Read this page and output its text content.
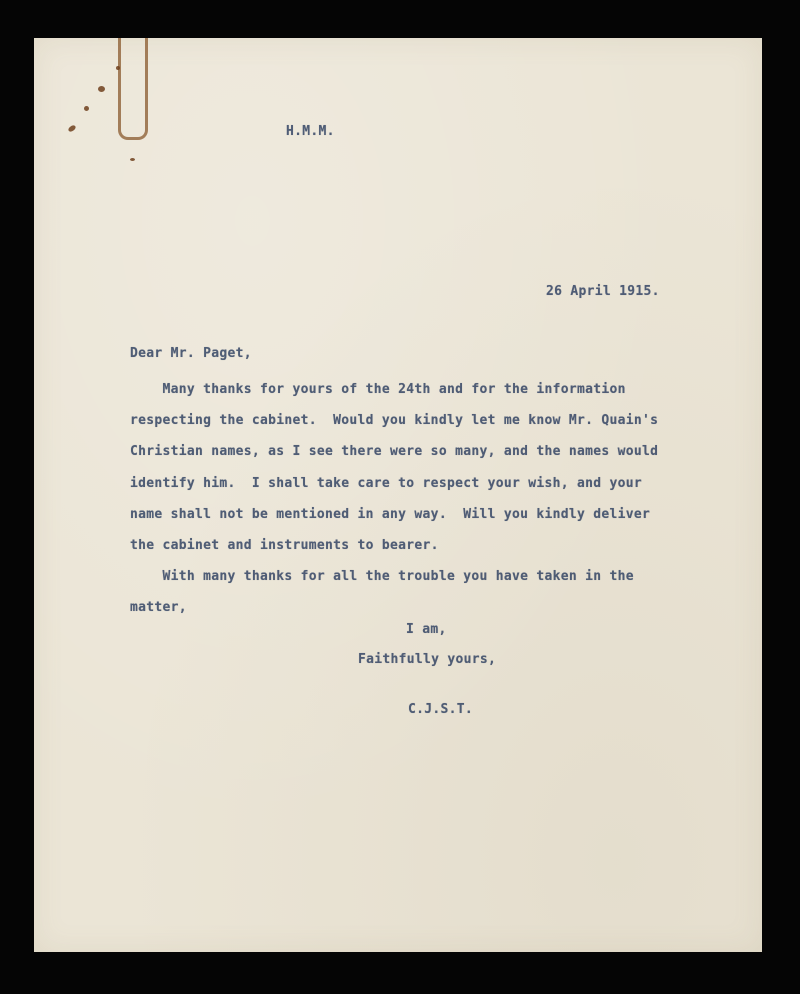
H.M.M.
26 April 1915.
Dear Mr. Paget,
Many thanks for yours of the 24th and for the information
respecting the cabinet.  Would you kindly let me know Mr. Quain's
Christian names, as I see there were so many, and the names would
identify him.  I shall take care to respect your wish, and your
name shall not be mentioned in any way.  Will you kindly deliver
the cabinet and instruments to bearer.
With many thanks for all the trouble you have taken in the
matter,
I am,
Faithfully yours,
C.J.S.T.
